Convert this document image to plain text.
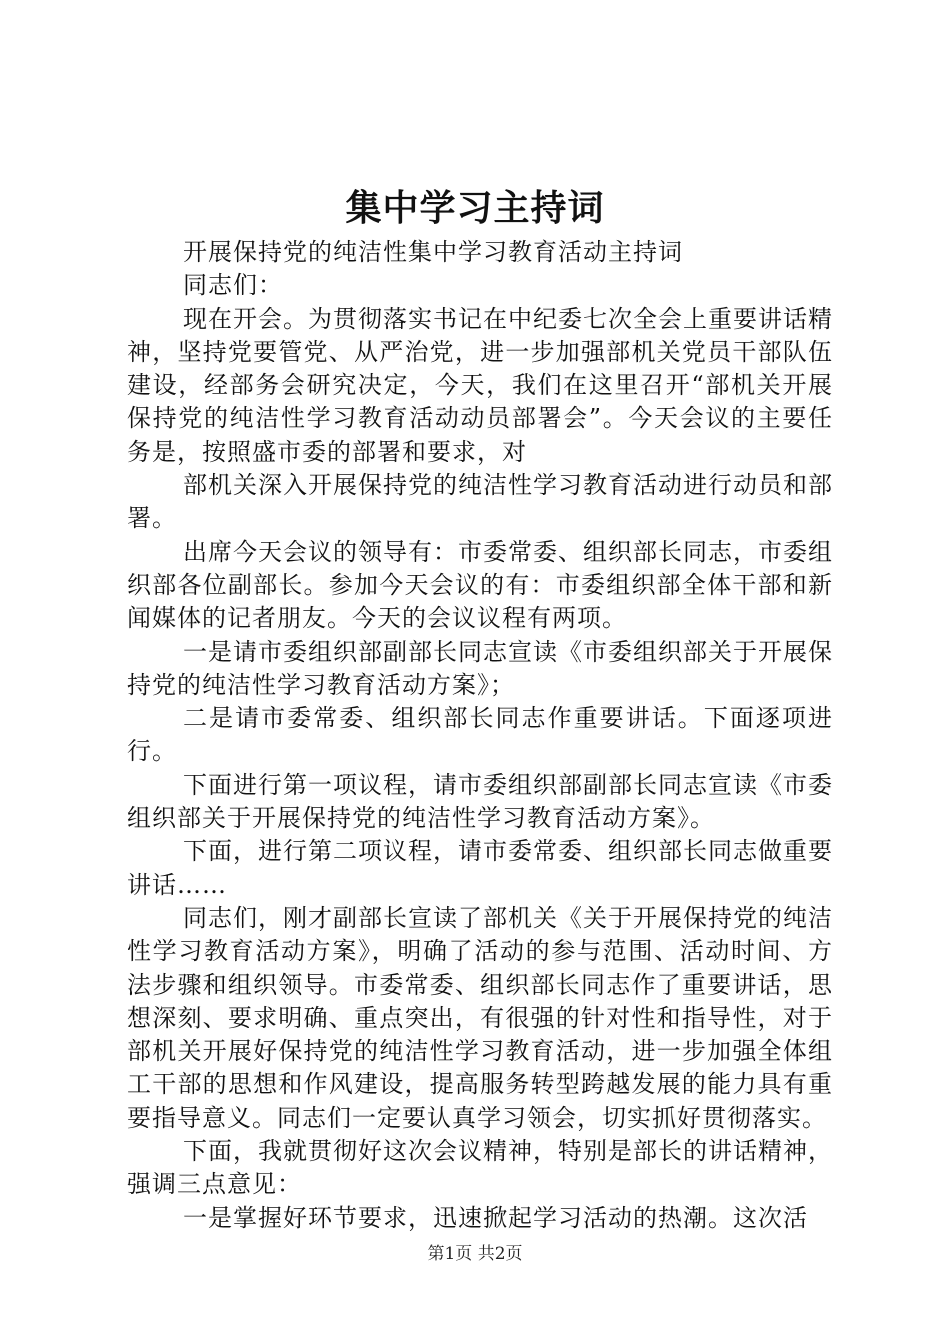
集中学习主持词

开展保持党的纯洁性集中学习教育活动主持词

同志们：

现在开会。为贯彻落实书记在中纪委七次全会上重要讲话精神，坚持党要管党、从严治党，进一步加强部机关党员干部队伍建设，经部务会研究决定，今天，我们在这里召开“部机关开展保持党的纯洁性学习教育活动动员部署会”。今天会议的主要任务是，按照盛市委的部署和要求，对

部机关深入开展保持党的纯洁性学习教育活动进行动员和部署。

出席今天会议的领导有：市委常委、组织部长同志，市委组织部各位副部长。参加今天会议的有：市委组织部全体干部和新闻媒体的记者朋友。今天的会议议程有两项。

一是请市委组织部副部长同志宣读《市委组织部关于开展保持党的纯洁性学习教育活动方案》；

二是请市委常委、组织部长同志作重要讲话。下面逐项进行。

下面进行第一项议程，请市委组织部副部长同志宣读《市委组织部关于开展保持党的纯洁性学习教育活动方案》。

下面，进行第二项议程，请市委常委、组织部长同志做重要讲话……

同志们，刚才副部长宣读了部机关《关于开展保持党的纯洁性学习教育活动方案》，明确了活动的参与范围、活动时间、方法步骤和组织领导。市委常委、组织部长同志作了重要讲话，思想深刻、要求明确、重点突出，有很强的针对性和指导性，对于部机关开展好保持党的纯洁性学习教育活动，进一步加强全体组工干部的思想和作风建设，提高服务转型跨越发展的能力具有重要指导意义。同志们一定要认真学习领会，切实抓好贯彻落实。

下面，我就贯彻好这次会议精神，特别是部长的讲话精神，强调三点意见：

一是掌握好环节要求，迅速掀起学习活动的热潮。这次活

第1页 共2页
